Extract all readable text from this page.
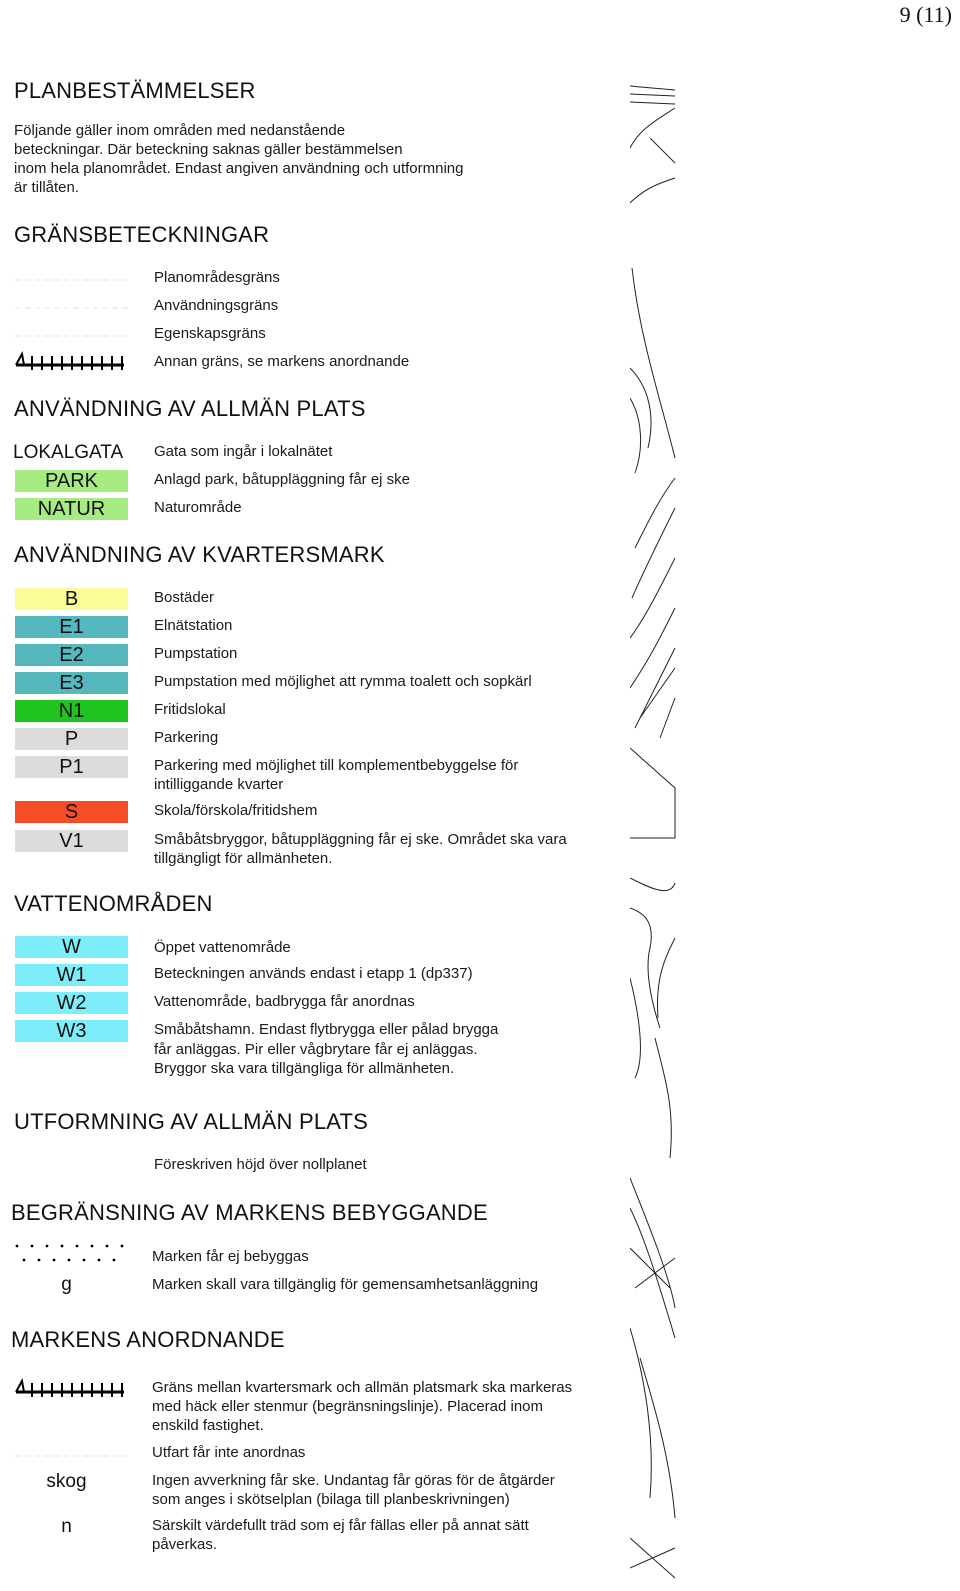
9 (11)
PLANBESTÄMMELSER
Följande gäller inom områden med nedanstående
beteckningar. Där beteckning saknas gäller bestämmelsen
inom hela planområdet. Endast angiven användning och utformning
är tillåten.
GRÄNSBETECKNINGAR
Planområdesgräns
Användningsgräns
Egenskapsgräns
Annan gräns, se markens anordnande
ANVÄNDNING AV ALLMÄN PLATS
LOKALGATA Gata som ingår i lokalnätet
PARK	Anlagd park, båtuppläggning får ej ske
NATUR	Naturområde
ANVÄNDNING AV KVARTERSMARK
B	Bostäder
E1	Elnätstation
E2	Pumpstation
E3	Pumpstation med möjlighet att rymma toalett och sopkärl
N1	Fritidslokal
P	Parkering
P1	Parkering med möjlighet till komplementbebyggelse för
intilliggande kvarter
S	Skola/förskola/fritidshem
V1	Småbåtsbryggor, båtuppläggning får ej ske. Området ska vara
tillgängligt för allmänheten.
VATTENOMRÅDEN
W	Öppet vattenområde
W1	Beteckningen används endast i etapp 1 (dp337)
W2	Vattenområde, badbrygga får anordnas
W3	Småbåtshamn. Endast flytbrygga eller pålad brygga
får anläggas. Pir eller vågbrytare får ej anläggas.
Bryggor ska vara tillgängliga för allmänheten.
UTFORMNING AV ALLMÄN PLATS
Föreskriven höjd över nollplanet
BEGRÄNSNING AV MARKENS BEBYGGANDE
Marken får ej bebyggas
g	Marken skall vara tillgänglig för gemensamhetsanläggning
MARKENS ANORDNANDE
Gräns mellan kvartersmark och allmän platsmark ska markeras
med häck eller stenmur (begränsningslinje). Placerad inom
enskild fastighet.
Utfart får inte anordnas
skog	Ingen avverkning får ske. Undantag får göras för de åtgärder
som anges i skötselplan (bilaga till planbeskrivningen)
n	Särskilt värdefullt träd som ej får fällas eller på annat sätt
påverkas.
